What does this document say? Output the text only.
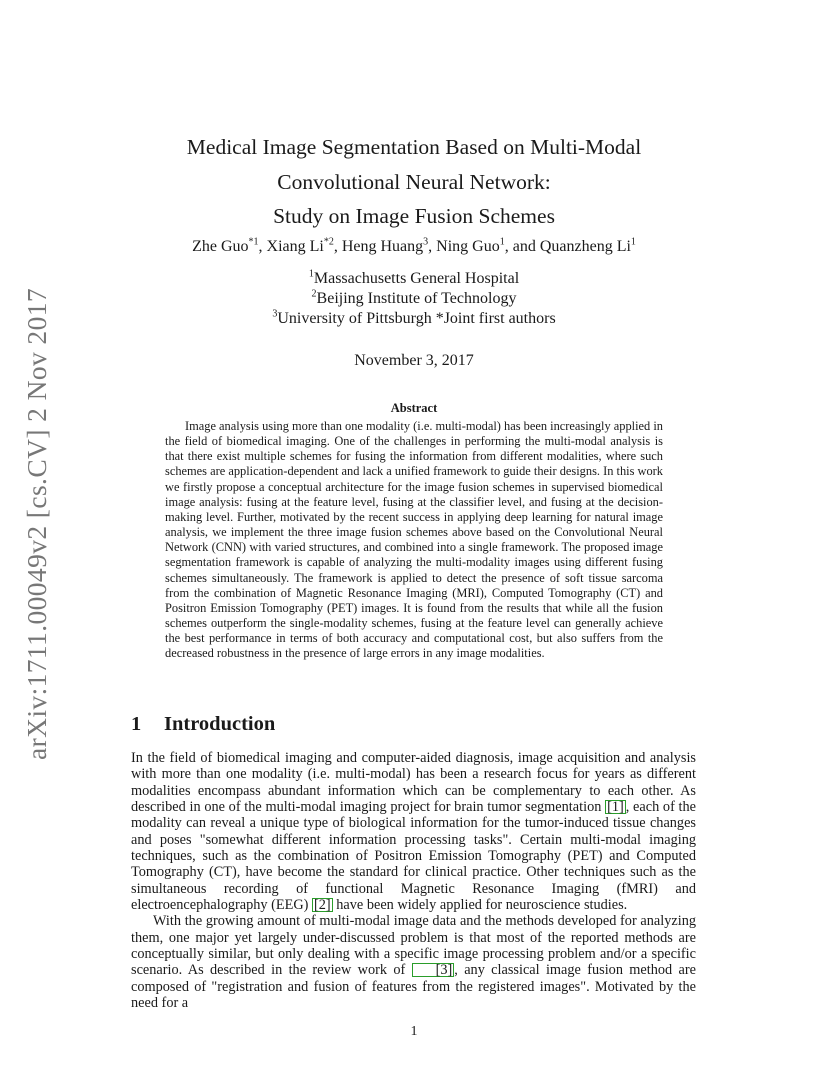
arXiv:1711.00049v2 [cs.CV] 2 Nov 2017
Medical Image Segmentation Based on Multi-Modal
Convolutional Neural Network:
Study on Image Fusion Schemes
Zhe Guo$^{*1}$, Xiang Li$^{*2}$, Heng Huang$^3$, Ning Guo$^1$, and Quanzheng Li$^1$
$^1$Massachusetts General Hospital
$^2$Beijing Institute of Technology
$^3$University of Pittsburgh *Joint first authors
November 3, 2017
Abstract

Image analysis using more than one modality (i.e. multi-modal) has been increasingly applied in the field of biomedical imaging. One of the challenges in performing the multi-modal analysis is that there exist multiple schemes for fusing the information from different modalities, where such schemes are application-dependent and lack a unified framework to guide their designs. In this work we firstly propose a conceptual architecture for the image fusion schemes in supervised biomedical image analysis: fusing at the feature level, fusing at the classifier level, and fusing at the decision-making level. Further, motivated by the recent success in applying deep learning for natural image analysis, we implement the three image fusion schemes above based on the Convolutional Neural Network (CNN) with varied structures, and combined into a single framework. The proposed image segmentation framework is capable of analyzing the multi-modality images using different fusing schemes simultaneously. The framework is applied to detect the presence of soft tissue sarcoma from the combination of Magnetic Resonance Imaging (MRI), Computed Tomography (CT) and Positron Emission Tomography (PET) images. It is found from the results that while all the fusion schemes outperform the single-modality schemes, fusing at the feature level can generally achieve the best performance in terms of both accuracy and computational cost, but also suffers from the decreased robustness in the presence of large errors in any image modalities.

1 Introduction

In the field of biomedical imaging and computer-aided diagnosis, image acquisition and analysis with more than one modality (i.e. multi-modal) has been a research focus for years as different modalities encompass abundant information which can be complementary to each other. As described in one of the multi-modal imaging project for brain tumor segmentation [1] , each of the modality can reveal a unique type of biological information for the tumor-induced tissue changes and poses "somewhat different information processing tasks". Certain multi-modal imaging techniques, such as the combination of Positron Emission Tomography (PET) and Computed Tomography (CT), have become the standard for clinical practice. Other techniques such as the simultaneous recording of functional Magnetic Resonance Imaging (fMRI) and electroencephalography (EEG) [2] have been widely applied for neuroscience studies.

With the growing amount of multi-modal image data and the methods developed for analyzing them, one major yet largely under-discussed problem is that most of the reported methods are conceptually similar, but only dealing with a specific image processing problem and/or a specific scenario. As described in the review work of [3] , any classical image fusion method are composed of "registration and fusion of features from the registered images". Motivated by the need for a

1
